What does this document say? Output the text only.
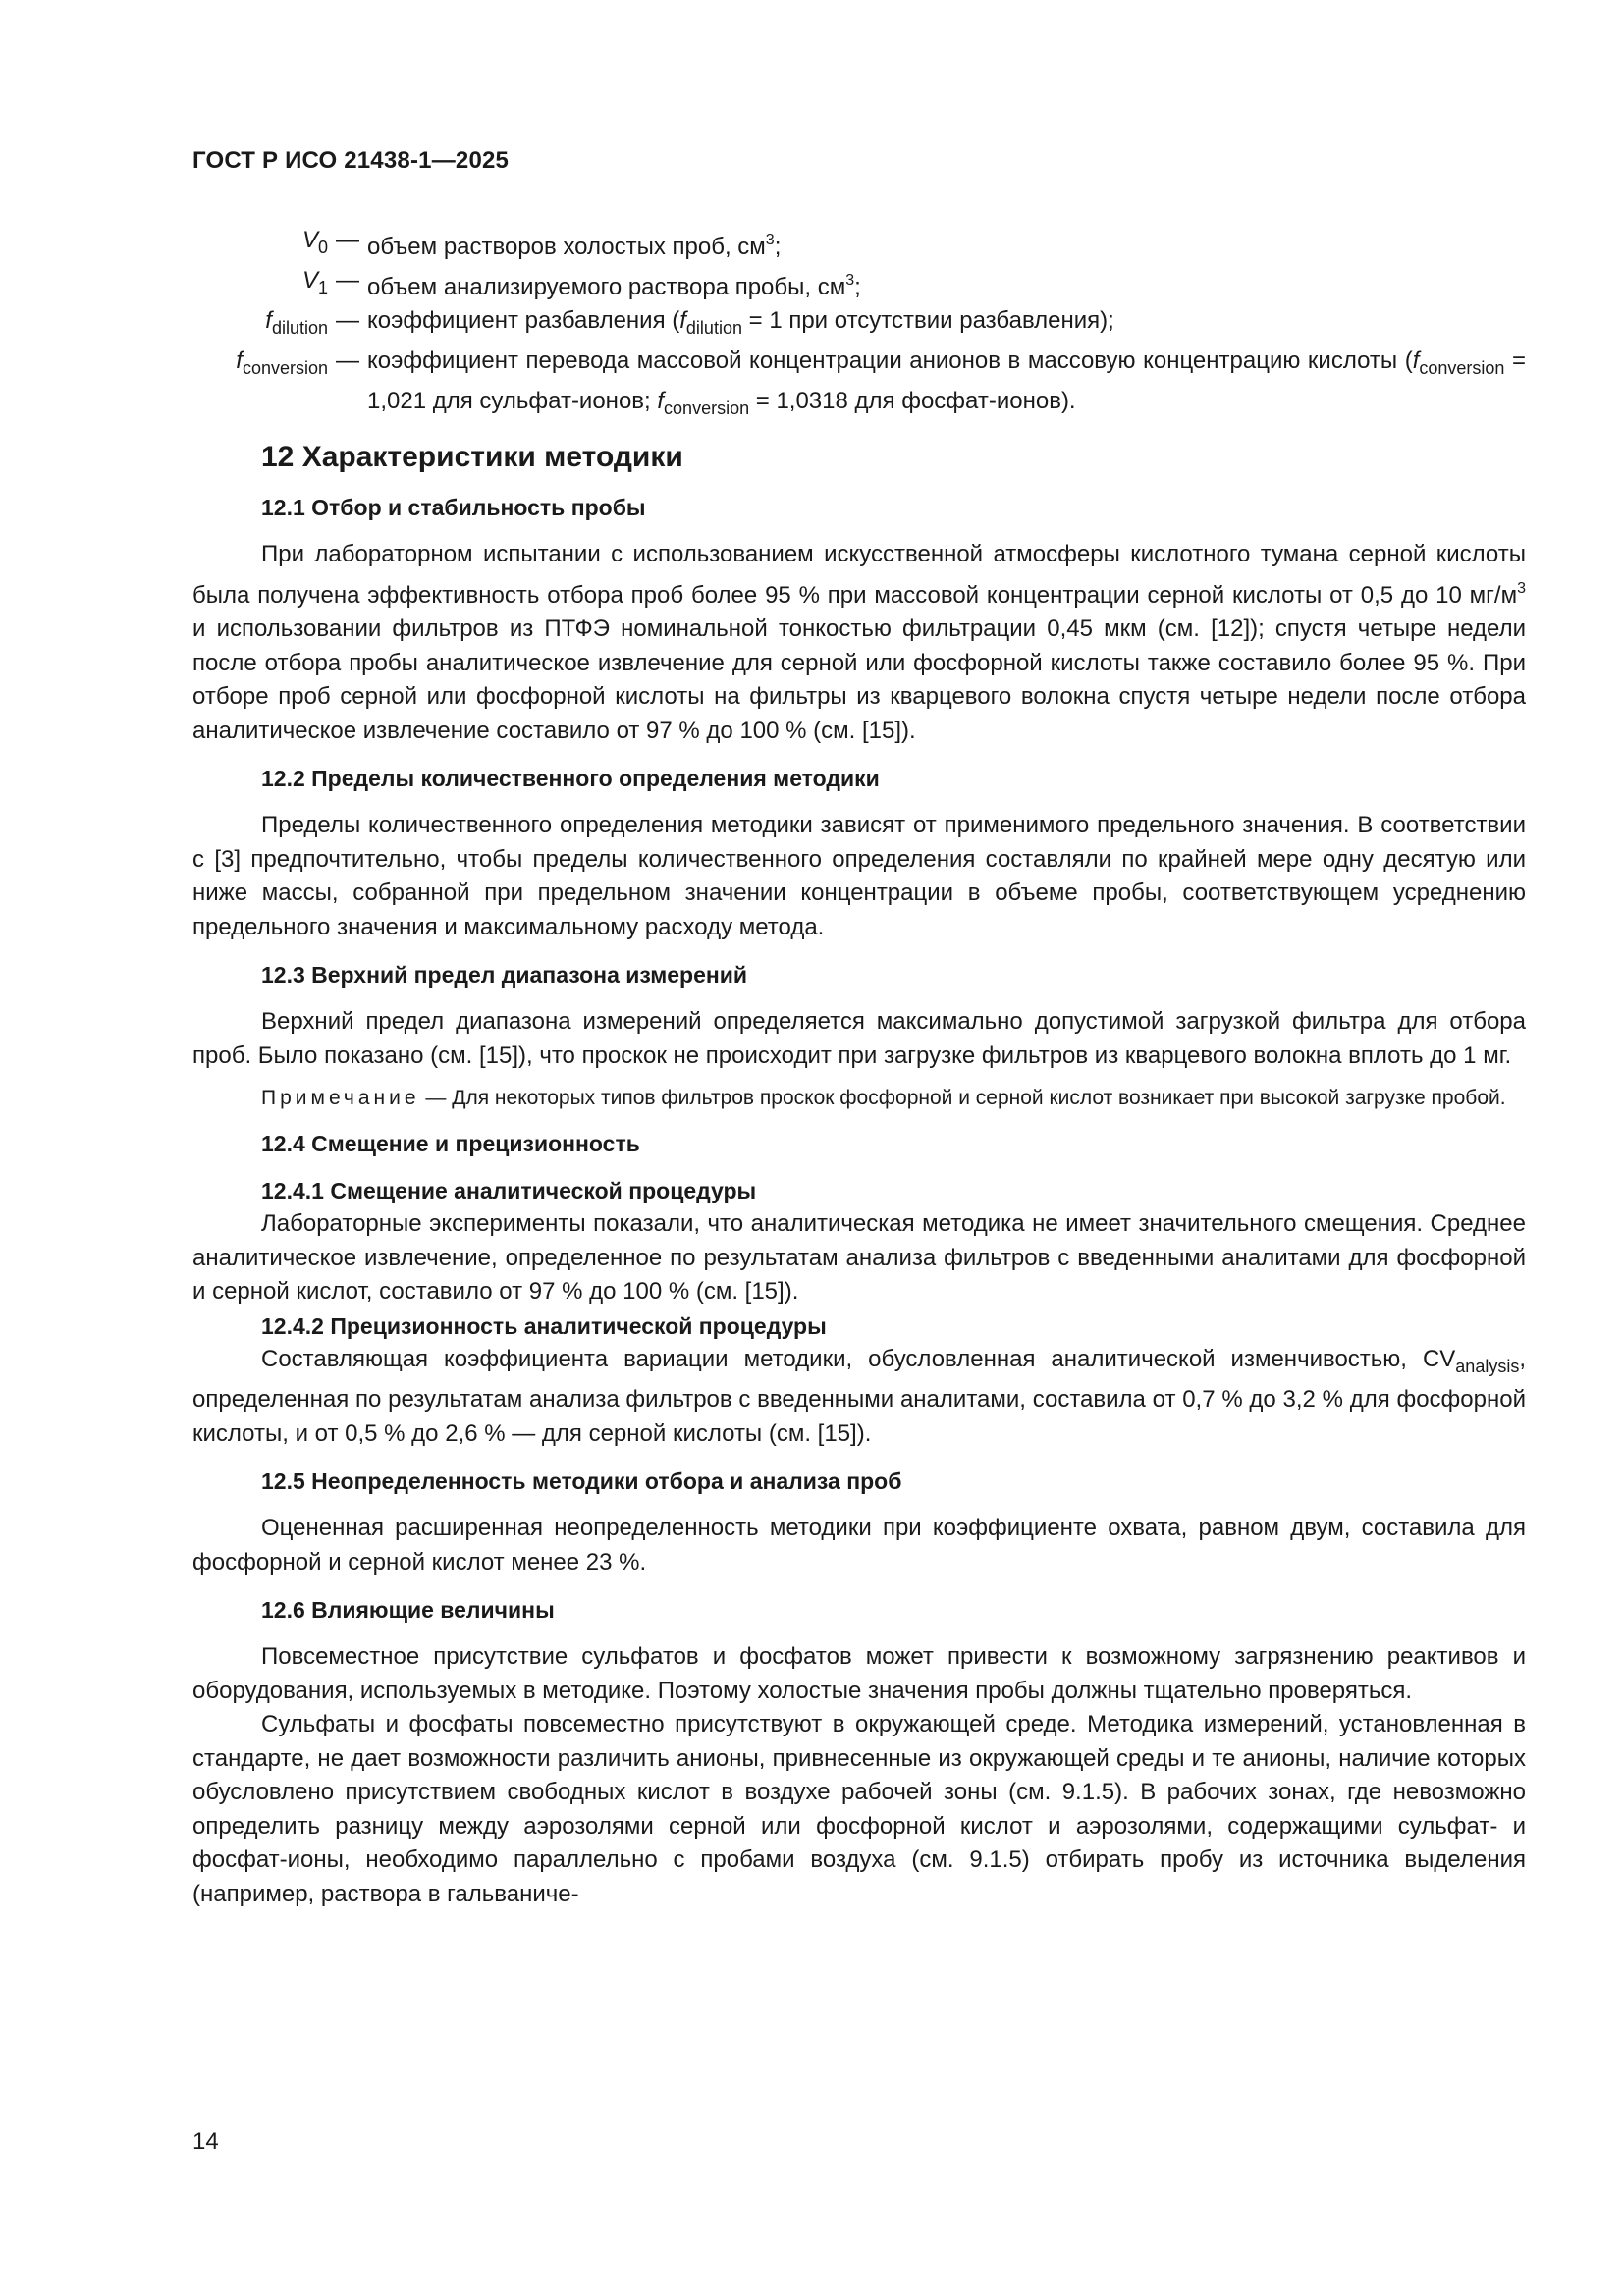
ГОСТ Р ИСО 21438-1—2025
$V_0$ — объем растворов холостых проб, $см^3$;
$V_1$ — объем анализируемого раствора пробы, $см^3$;
$f_{dilution}$ — коэффициент разбавления ($f_{dilution} = 1$ при отсутствии разбавления);
$f_{conversion}$ — коэффициент перевода массовой концентрации анионов в массовую концентрацию кислоты ($f_{conversion} = 1,021$ для сульфат-ионов; $f_{conversion} = 1,0318$ для фосфат-ионов).
12 Характеристики методики
12.1 Отбор и стабильность пробы

При лабораторном испытании с использованием искусственной атмосферы кислотного тумана серной кислоты была получена эффективность отбора проб более 95 % при массовой концентрации серной кислоты от 0,5 до 10 $мг/м^3$ и использовании фильтров из ПТФЭ номинальной тонкостью фильтрации 0,45 мкм (см. [12]); спустя четыре недели после отбора пробы аналитическое извлечение для серной или фосфорной кислоты также составило более 95 %. При отборе проб серной или фосфорной кислоты на фильтры из кварцевого волокна спустя четыре недели после отбора аналитическое извлечение составило от 97 % до 100 % (см. [15]).

12.2 Пределы количественного определения методики

Пределы количественного определения методики зависят от применимого предельного значения. В соответствии с [3] предпочтительно, чтобы пределы количественного определения составляли по крайней мере одну десятую или ниже массы, собранной при предельном значении концентрации в объеме пробы, соответствующем усреднению предельного значения и максимальному расходу метода.

12.3 Верхний предел диапазона измерений

Верхний предел диапазона измерений определяется максимально допустимой загрузкой фильтра для отбора проб. Было показано (см. [15]), что проскок не происходит при загрузке фильтров из кварцевого волокна вплоть до 1 мг.

Примечание — Для некоторых типов фильтров проскок фосфорной и серной кислот возникает при высокой загрузке пробой.
12.4 Смещение и прецизионность
12.4.1 Смещение аналитической процедуры

Лабораторные эксперименты показали, что аналитическая методика не имеет значительного смещения. Среднее аналитическое извлечение, определенное по результатам анализа фильтров с введенными аналитами для фосфорной и серной кислот, составило от 97 % до 100 % (см. [15]).

12.4.2 Прецизионность аналитической процедуры

Составляющая коэффициента вариации методики, обусловленная аналитической изменчивостью, $CV_{analysis}$, определенная по результатам анализа фильтров с введенными аналитами, составила от 0,7 % до 3,2 % для фосфорной кислоты, и от 0,5 % до 2,6 % — для серной кислоты (см. [15]).

12.5 Неопределенность методики отбора и анализа проб

Оцененная расширенная неопределенность методики при коэффициенте охвата, равном двум, составила для фосфорной и серной кислот менее 23 %.

12.6 Влияющие величины

Повсеместное присутствие сульфатов и фосфатов может привести к возможному загрязнению реактивов и оборудования, используемых в методике. Поэтому холостые значения пробы должны тщательно проверяться.

Сульфаты и фосфаты повсеместно присутствуют в окружающей среде. Методика измерений, установленная в стандарте, не дает возможности различить анионы, привнесенные из окружающей среды и те анионы, наличие которых обусловлено присутствием свободных кислот в воздухе рабочей зоны (см. 9.1.5). В рабочих зонах, где невозможно определить разницу между аэрозолями серной или фосфорной кислот и аэрозолями, содержащими сульфат- и фосфат-ионы, необходимо параллельно с пробами воздуха (см. 9.1.5) отбирать пробу из источника выделения (например, раствора в гальваниче-

14
